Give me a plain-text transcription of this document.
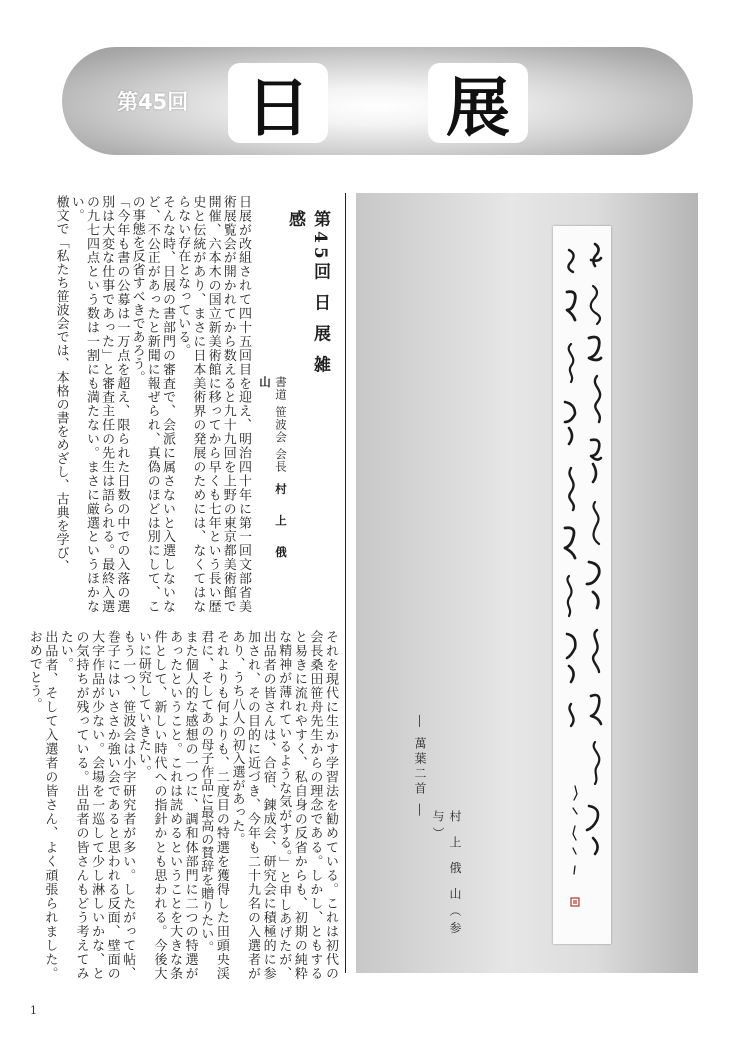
第45回 日 展
第45回 日 展 雑 感
書道 笹波会 会長 村 上 俄 山
日展が改組されて四十五回目を迎え、明治四十年に第一回文部省美術展覧会が開かれてから数えると九十九回を上野の東京都美術館で開催、六本木の国立新美術館に移ってから早くも七年という長い歴史と伝統があり、まさに日本美術界の発展のためには、なくてはならない存在となっている。
そんな時、日展の書部門の審査で、会派に属さないと入選しないなど、不公正があったと新聞に報ぜられ、真偽のほどは別にして、この事態を反省すべきであろう。
「今年も書の公募は一万点を超え、限られた日数の中での入落の選別は大変な仕事であった」と審査主任の先生は語られる。最終入選の九七四点という数は一割にも満たない。まさに厳選というほかない。
檄文で「私たち笹波会では、本格の書をめざし、古典を学び、
それを現代に生かす学習法を勧めている。これは初代の会長桑田笹舟先生からの理念である。しかし、ともすると易きに流れやすく、私自身の反省からも、初期の純粋な精神が薄れているような気がする。」と申しあげたが、出品者の皆さんは、合宿、錬成会、研究会に積極的に参加され、その目的に近づき、今年も二十九名の入選者があり、うち八人の初入選があった。
それよりも何よりも、二度目の特選を獲得した田頭央渓君に、そしてあの母子作品に最高の賛辞を贈りたい。
また個人的な感想の一つに、調和体部門に二つの特選があったということ。これは読めるということを大きな条件として、新しい時代への指針かとも思われる。今後大いに研究していきたい。
もう一つ、笹波会は小字研究者が多い。したがって帖、巻子にはいささか強い会であると思われる反面、壁面の大字作品が少ない。会場を一巡して少し淋しいかな、との気持ちが残っている。出品者の皆さんもどう考えてみたい。
出品者、そして入選者の皆さん、よく頑張られました。おめでとう。
― 萬葉二首 ―
村 上 俄 山（参与）
1
